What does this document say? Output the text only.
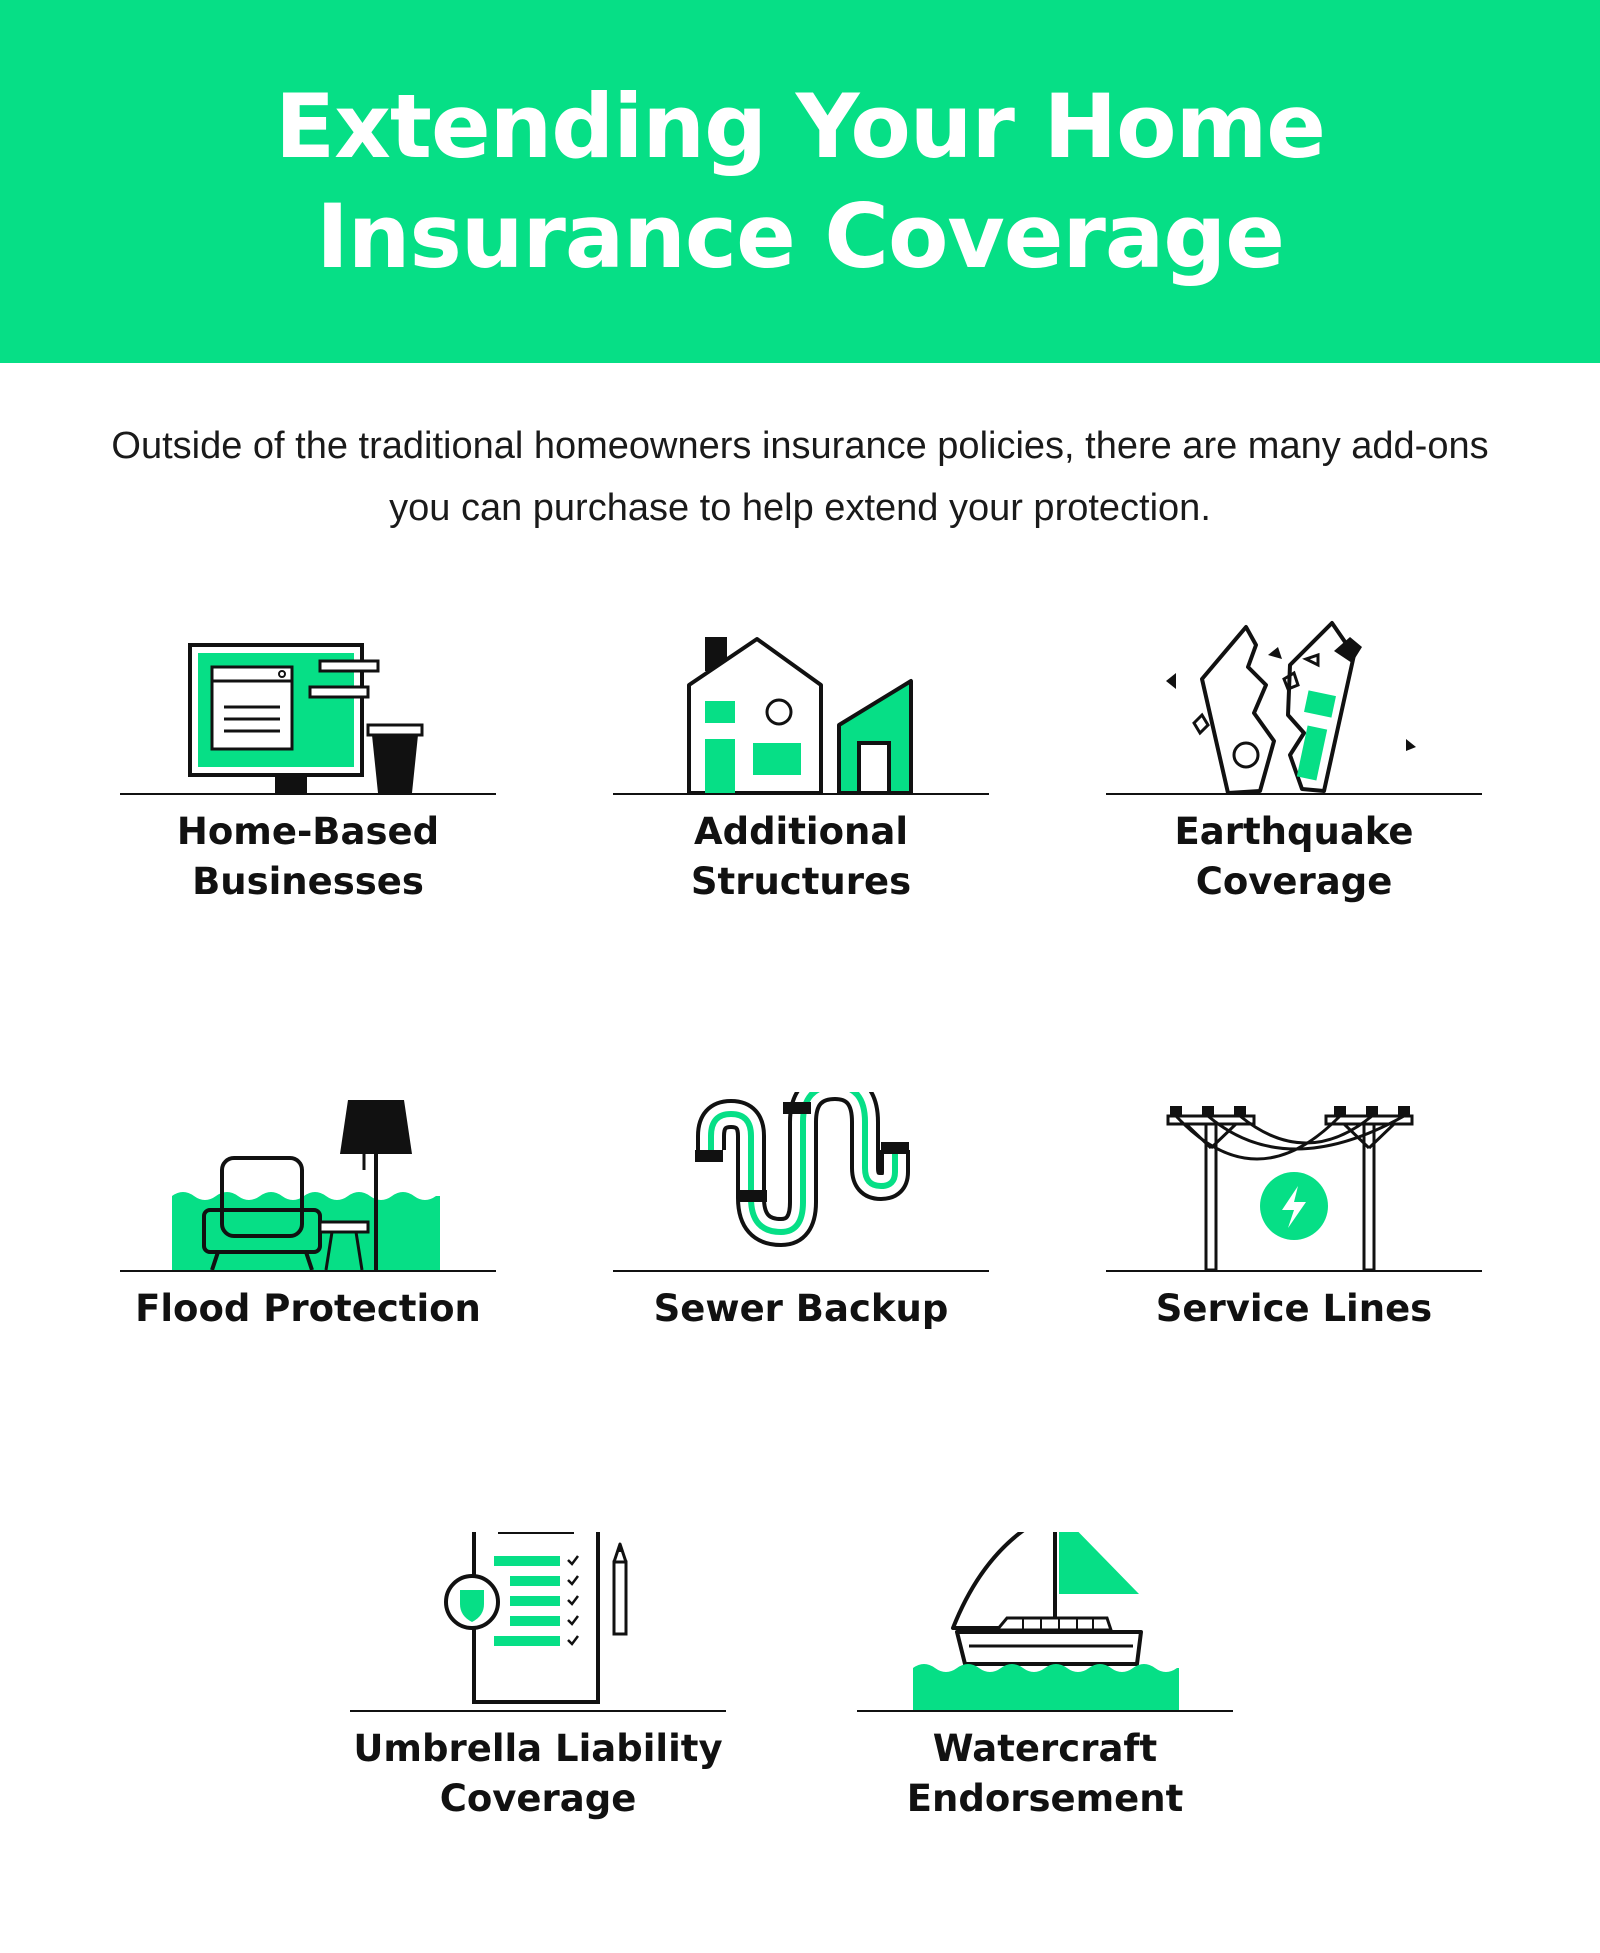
Extending Your Home Insurance Coverage
Outside of the traditional homeowners insurance policies, there are many add-ons you can purchase to help extend your protection.
Home-Based Businesses
Additional Structures
Earthquake Coverage
Flood Protection	Sewer Backup	Service Lines
Umbrella Liability Coverage
Watercraft Endorsement
